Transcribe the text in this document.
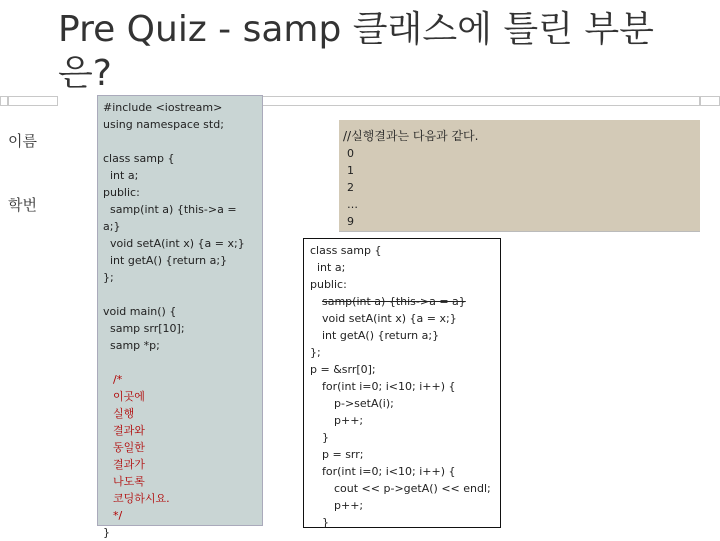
Pre Quiz - samp 클래스에 틀린 부분은?
이름
학번
#include <iostream>
using namespace std;
class samp {
int a;
public:
samp(int a) {this->a =
a;}
void setA(int x) {a = x;}
int getA() {return a;}
};
void main() {
samp srr[10];
samp *p;
/*
이곳에
실행
결과와
동일한
결과가
나도록
코딩하시요.
*/
}
//실행결과는 다음과 같다.
0
1
2
…
9
class samp {
int a;
public:
samp(int a) {this->a = a}
void setA(int x) {a = x;}
int getA() {return a;}
};
p = &srr[0];
for(int i=0; i<10; i++) {
p->setA(i);
p++;
}
p = srr;
for(int i=0; i<10; i++) {
cout << p->getA() << endl;
p++;
}
